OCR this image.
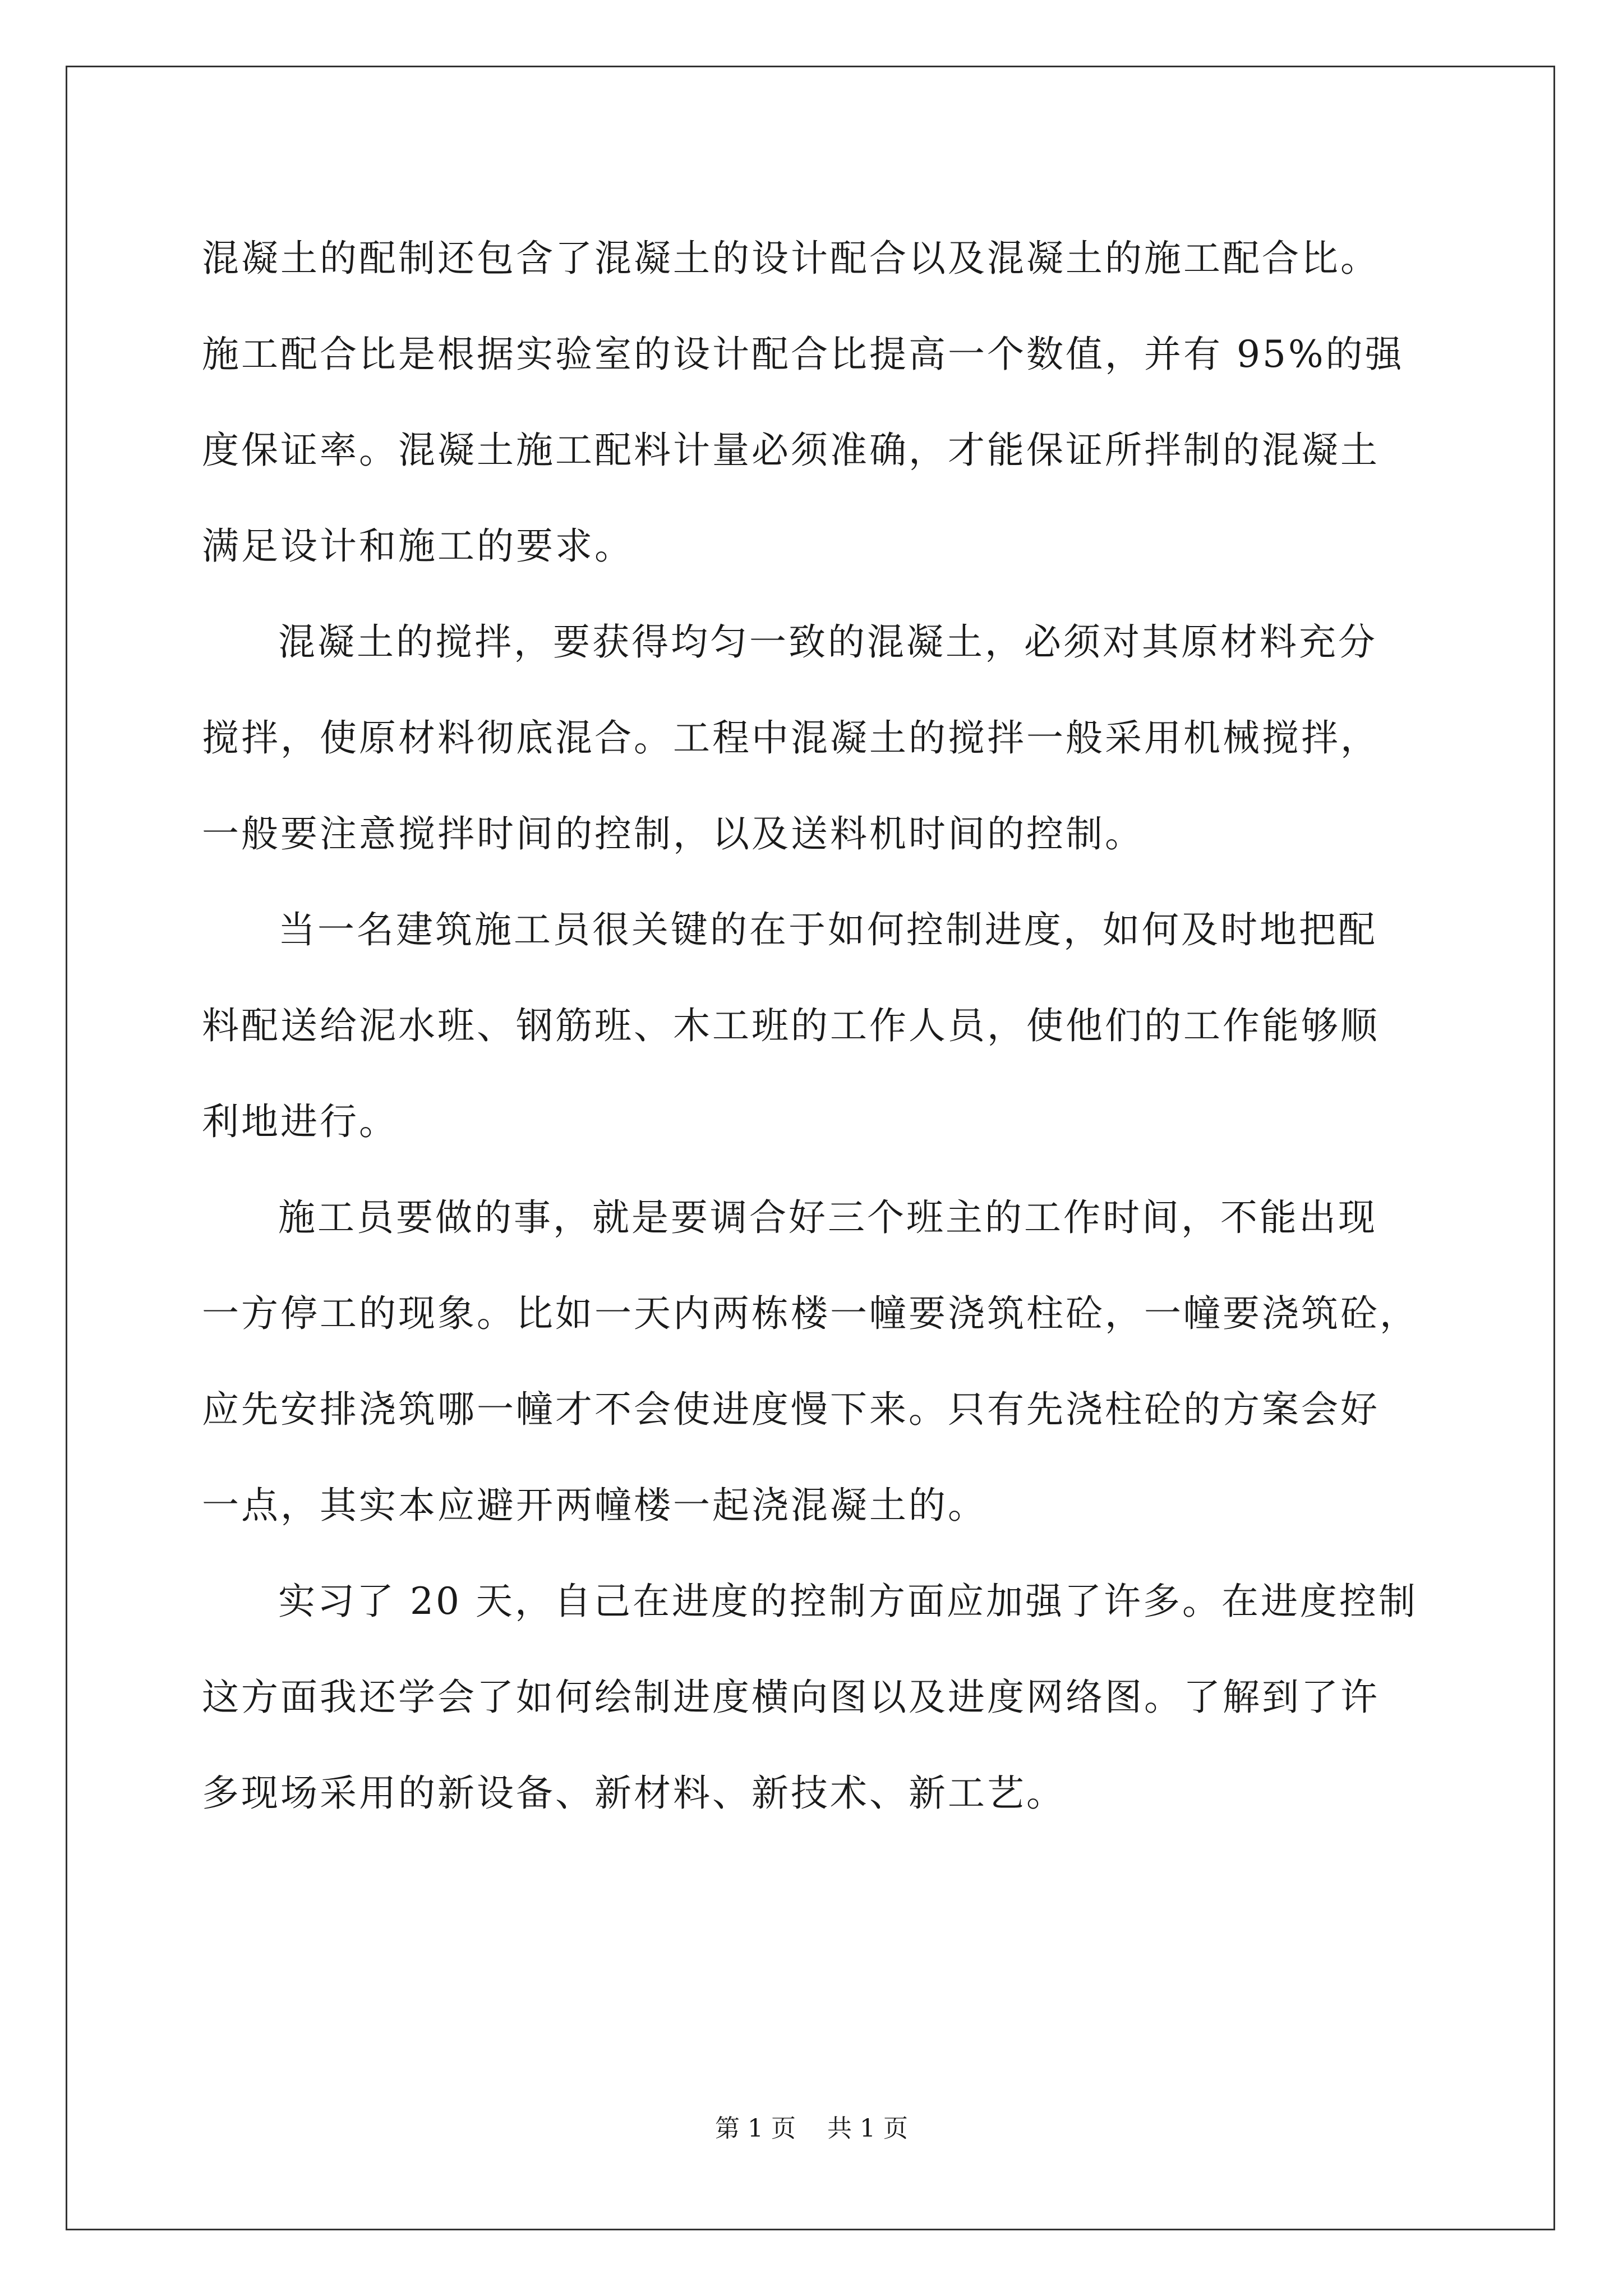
混凝土的配制还包含了混凝土的设计配合以及混凝土的施工配合比。
施工配合比是根据实验室的设计配合比提高一个数值，并有 95%的强
度保证率。混凝土施工配料计量必须准确，才能保证所拌制的混凝土
满足设计和施工的要求。
混凝土的搅拌，要获得均匀一致的混凝土，必须对其原材料充分
搅拌，使原材料彻底混合。工程中混凝土的搅拌一般采用机械搅拌，
一般要注意搅拌时间的控制，以及送料机时间的控制。
当一名建筑施工员很关键的在于如何控制进度，如何及时地把配
料配送给泥水班、钢筋班、木工班的工作人员，使他们的工作能够顺
利地进行。
施工员要做的事，就是要调合好三个班主的工作时间，不能出现
一方停工的现象。比如一天内两栋楼一幢要浇筑柱砼，一幢要浇筑砼，
应先安排浇筑哪一幢才不会使进度慢下来。只有先浇柱砼的方案会好
一点，其实本应避开两幢楼一起浇混凝土的。
实习了 20 天，自己在进度的控制方面应加强了许多。在进度控制
这方面我还学会了如何绘制进度横向图以及进度网络图。了解到了许
多现场采用的新设备、新材料、新技术、新工艺。
第 1 页 共 1 页
